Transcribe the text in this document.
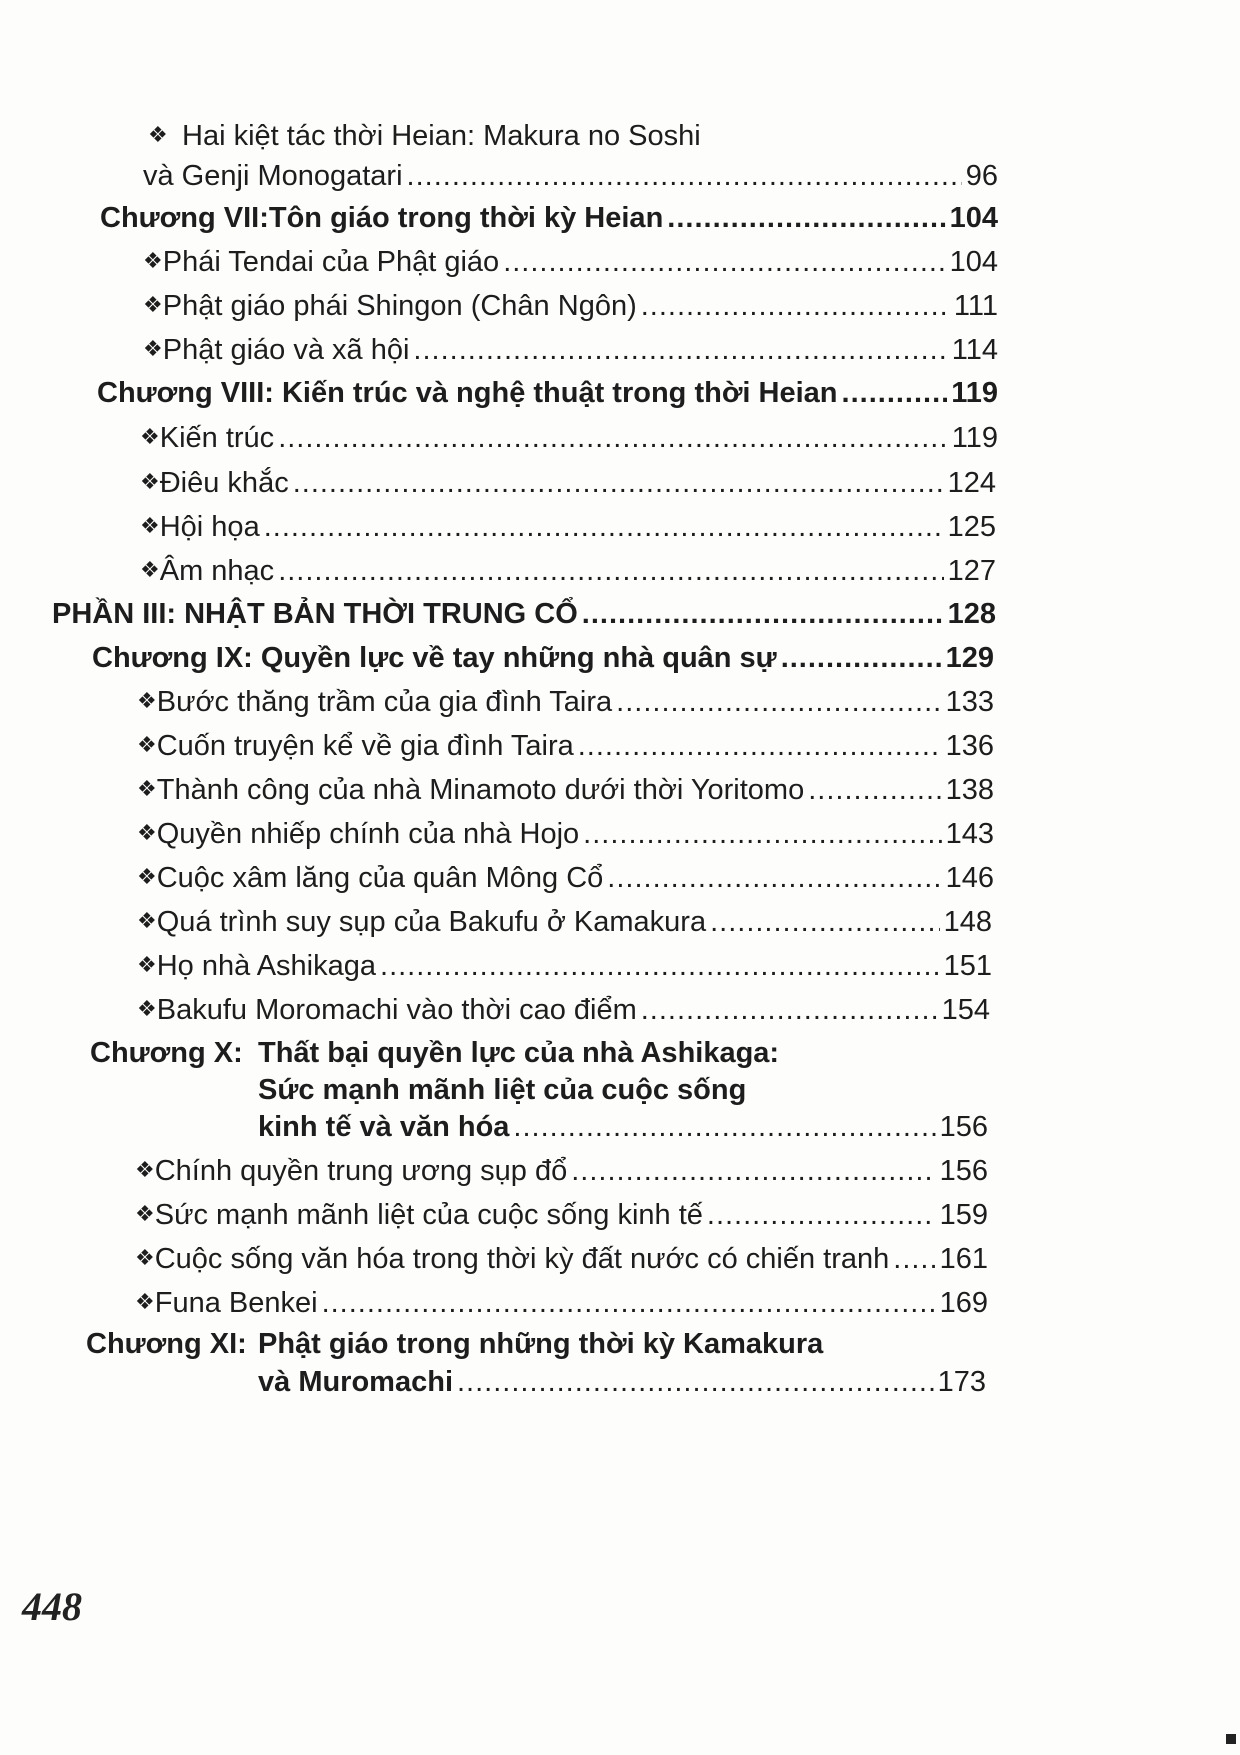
❖ Hai kiệt tác thời Heian: Makura no Soshi
và Genji Monogatari .....	96
Chương VII:Tôn giáo trong thời kỳ Heian .....	104
❖ Phái Tendai của Phật giáo .....	104
❖ Phật giáo phái Shingon (Chân Ngôn) .....	111
❖ Phật giáo và xã hội .....	114
Chương VIII: Kiến trúc và nghệ thuật trong thời Heian .....	119
❖ Kiến trúc .....	119
❖ Điêu khắc .....	124
❖ Hội họa .....	125
❖ Âm nhạc .....	127
PHẦN III: NHẬT BẢN THỜI TRUNG CỔ .....	128
Chương IX: Quyền lực về tay những nhà quân sự .....	129
❖ Bước thăng trầm của gia đình Taira .....	133
❖ Cuốn truyện kể về gia đình Taira .....	136
❖ Thành công của nhà Minamoto dưới thời Yoritomo .....	138
❖ Quyền nhiếp chính của nhà Hojo .....	143
❖ Cuộc xâm lăng của quân Mông Cổ .....	146
❖ Quá trình suy sụp của Bakufu ở Kamakura .....	148
❖ Họ nhà Ashikaga .....	151
❖ Bakufu Moromachi vào thời cao điểm .....	154
Chương X: Thất bại quyền lực của nhà Ashikaga:
Sức mạnh mãnh liệt của cuộc sống
kinh tế và văn hóa .....	156
❖ Chính quyền trung ương sụp đổ .....	156
❖ Sức mạnh mãnh liệt của cuộc sống kinh tế .....	159
❖ Cuộc sống văn hóa trong thời kỳ đất nước có chiến tranh ..... 161
❖ Funa Benkei .....	169
Chương XI: Phật giáo trong những thời kỳ Kamakura
và Muromachi .....	173
448
